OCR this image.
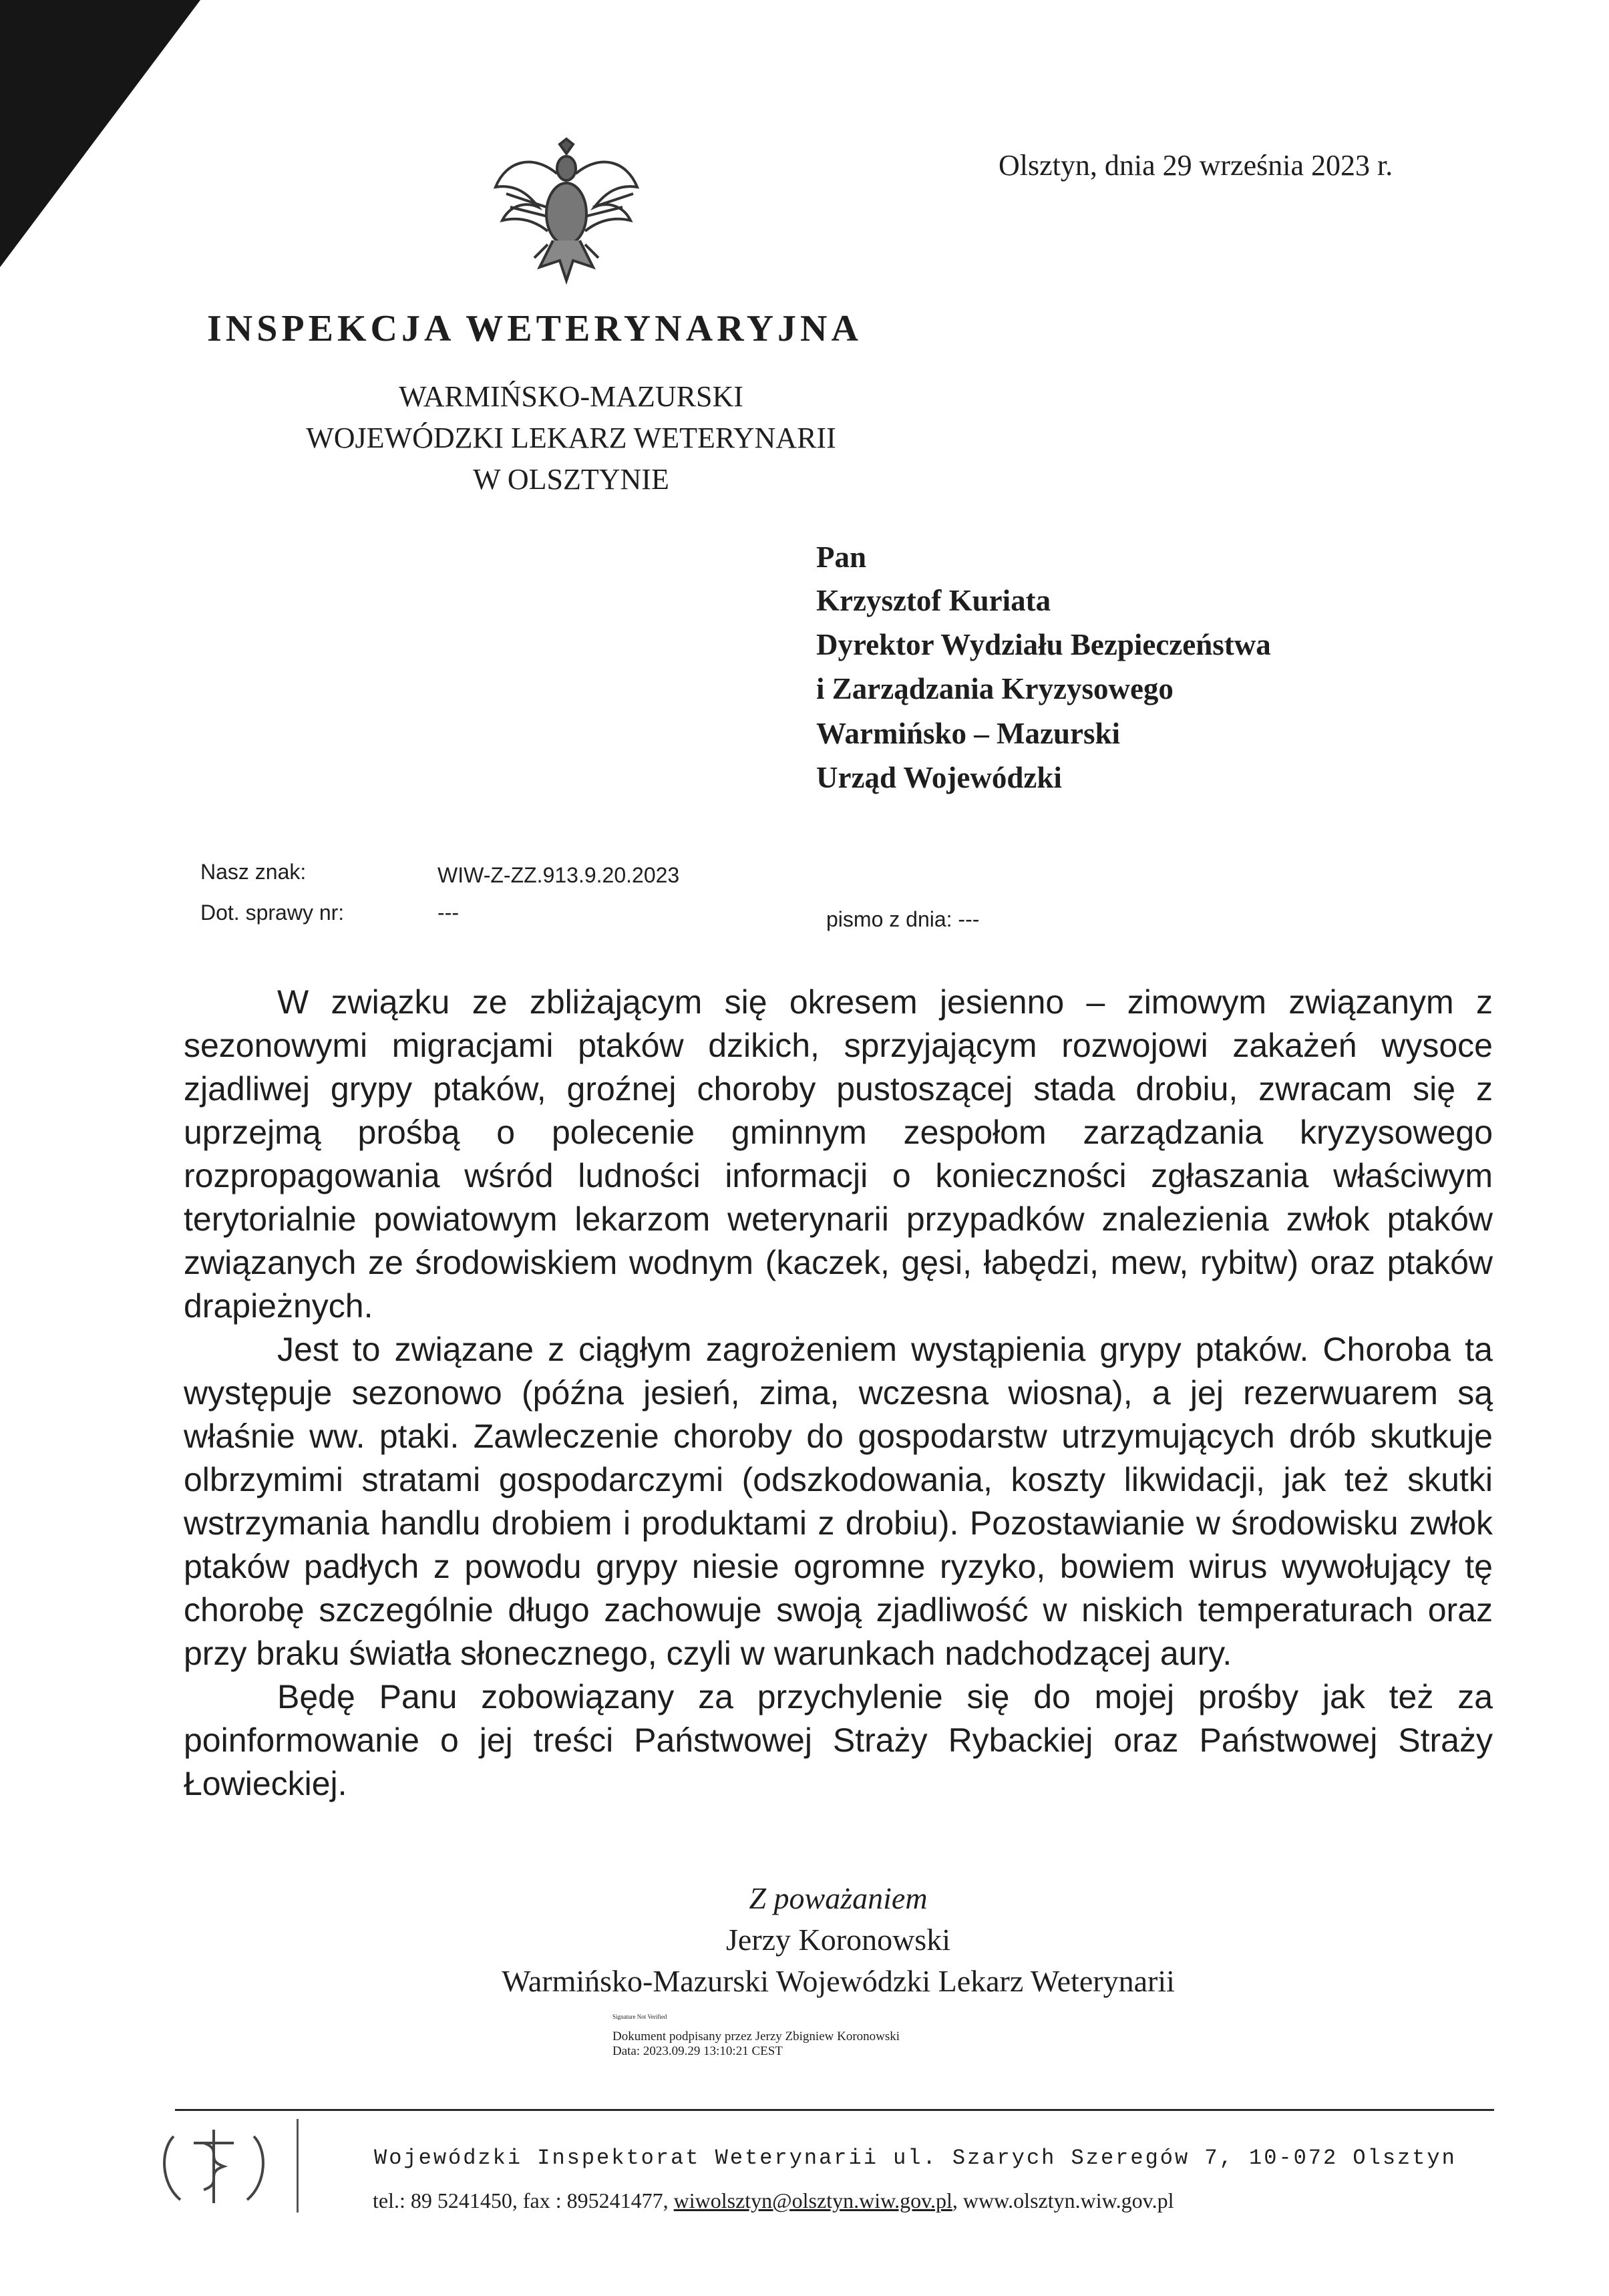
Olsztyn, dnia 29 września 2023 r.
INSPEKCJA WETERYNARYJNA
WARMIŃSKO-MAZURSKI
WOJEWÓDZKI LEKARZ WETERYNARII
W OLSZTYNIE
Pan
Krzysztof Kuriata
Dyrektor Wydziału Bezpieczeństwa
i Zarządzania Kryzysowego
Warmińsko – Mazurski
Urząd Wojewódzki
Nasz znak:	WIW-Z-ZZ.913.9.20.2023
Dot. sprawy nr:	---	pismo z dnia: ---

W związku ze zbliżającym się okresem jesienno – zimowym związanym z sezonowymi migracjami ptaków dzikich, sprzyjającym rozwojowi zakażeń wysoce zjadliwej grypy ptaków, groźnej choroby pustoszącej stada drobiu, zwracam się z uprzejmą prośbą o polecenie gminnym zespołom zarządzania kryzysowego rozpropagowania wśród ludności informacji o konieczności zgłaszania właściwym terytorialnie powiatowym lekarzom weterynarii przypadków znalezienia zwłok ptaków związanych ze środowiskiem wodnym (kaczek, gęsi, łabędzi, mew, rybitw) oraz ptaków drapieżnych.

Jest to związane z ciągłym zagrożeniem wystąpienia grypy ptaków. Choroba ta występuje sezonowo (późna jesień, zima, wczesna wiosna), a jej rezerwuarem są właśnie ww. ptaki. Zawleczenie choroby do gospodarstw utrzymujących drób skutkuje olbrzymimi stratami gospodarczymi (odszkodowania, koszty likwidacji, jak też skutki wstrzymania handlu drobiem i produktami z drobiu). Pozostawianie w środowisku zwłok ptaków padłych z powodu grypy niesie ogromne ryzyko, bowiem wirus wywołujący tę chorobę szczególnie długo zachowuje swoją zjadliwość w niskich temperaturach oraz przy braku światła słonecznego, czyli w warunkach nadchodzącej aury.

Będę Panu zobowiązany za przychylenie się do mojej prośby jak też za poinformowanie o jej treści Państwowej Straży Rybackiej oraz Państwowej Straży Łowieckiej.

Z poważaniem
Jerzy Koronowski
Warmińsko-Mazurski Wojewódzki Lekarz Weterynarii
Signature Not Verified
Dokument podpisany przez Jerzy Zbigniew Koronowski
Data: 2023.09.29 13:10:21 CEST
Wojewódzki Inspektorat Weterynarii ul. Szarych Szeregów 7, 10-072 Olsztyn
tel.: 89 5241450, fax : 895241477, wiwolsztyn@olsztyn.wiw.gov.pl, www.olsztyn.wiw.gov.pl
